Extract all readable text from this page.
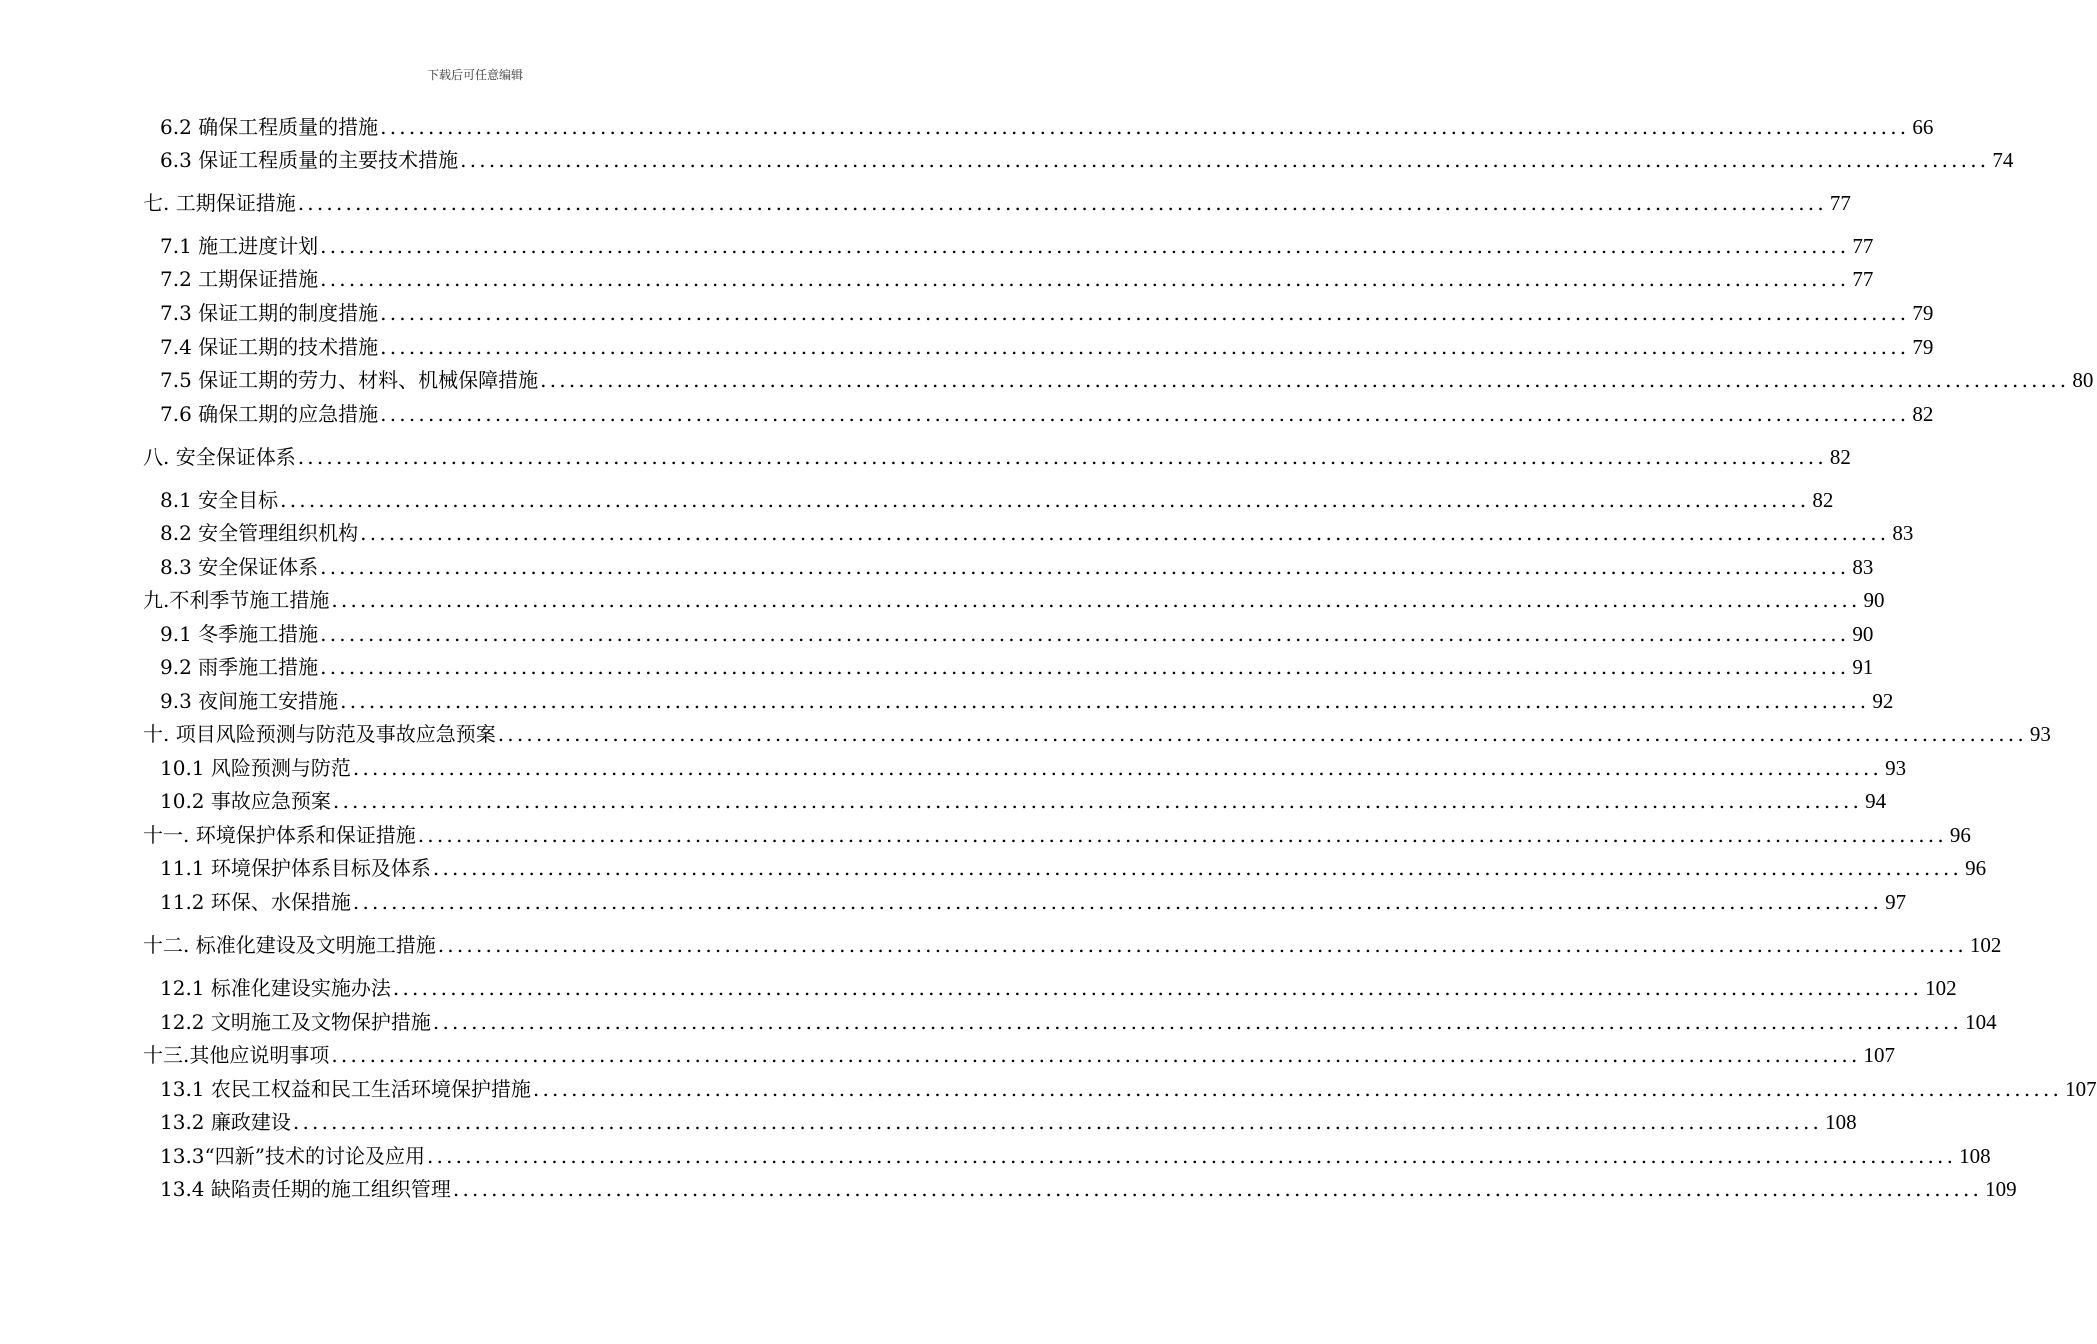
下载后可任意编辑
6.2 确保工程质量的措施 ................................................................................................................................................................ 66
6.3 保证工程质量的主要技术措施 ................................................................................................................................................................ 74
七. 工期保证措施 ................................................................................................................................................................ 77
7.1 施工进度计划 ................................................................................................................................................................ 77
7.2 工期保证措施 ................................................................................................................................................................ 77
7.3 保证工期的制度措施 ................................................................................................................................................................ 79
7.4 保证工期的技术措施 ................................................................................................................................................................ 79
7.5 保证工期的劳力、材料、机械保障措施 ................................................................................................................................................................ 80
7.6 确保工期的应急措施 ................................................................................................................................................................ 82
八. 安全保证体系 ................................................................................................................................................................ 82
8.1 安全目标 ................................................................................................................................................................ 82
8.2 安全管理组织机构 ................................................................................................................................................................ 83
8.3 安全保证体系 ................................................................................................................................................................ 83
九.不利季节施工措施 ................................................................................................................................................................ 90
9.1 冬季施工措施 ................................................................................................................................................................ 90
9.2 雨季施工措施 ................................................................................................................................................................ 91
9.3 夜间施工安措施 ................................................................................................................................................................ 92
十. 项目风险预测与防范及事故应急预案 ................................................................................................................................................................ 93
10.1 风险预测与防范 ................................................................................................................................................................ 93
10.2 事故应急预案 ................................................................................................................................................................ 94
十一. 环境保护体系和保证措施 ................................................................................................................................................................ 96
11.1 环境保护体系目标及体系 ................................................................................................................................................................ 96
11.2 环保、水保措施 ................................................................................................................................................................ 97
十二. 标准化建设及文明施工措施 ................................................................................................................................................................ 102
12.1 标准化建设实施办法 ................................................................................................................................................................ 102
12.2 文明施工及文物保护措施 ................................................................................................................................................................ 104
十三.其他应说明事项 ................................................................................................................................................................ 107
13.1 农民工权益和民工生活环境保护措施 ................................................................................................................................................................ 107
13.2 廉政建设 ................................................................................................................................................................ 108
13.3“四新”技术的讨论及应用 ................................................................................................................................................................ 108
13.4 缺陷责任期的施工组织管理 ................................................................................................................................................................ 109
